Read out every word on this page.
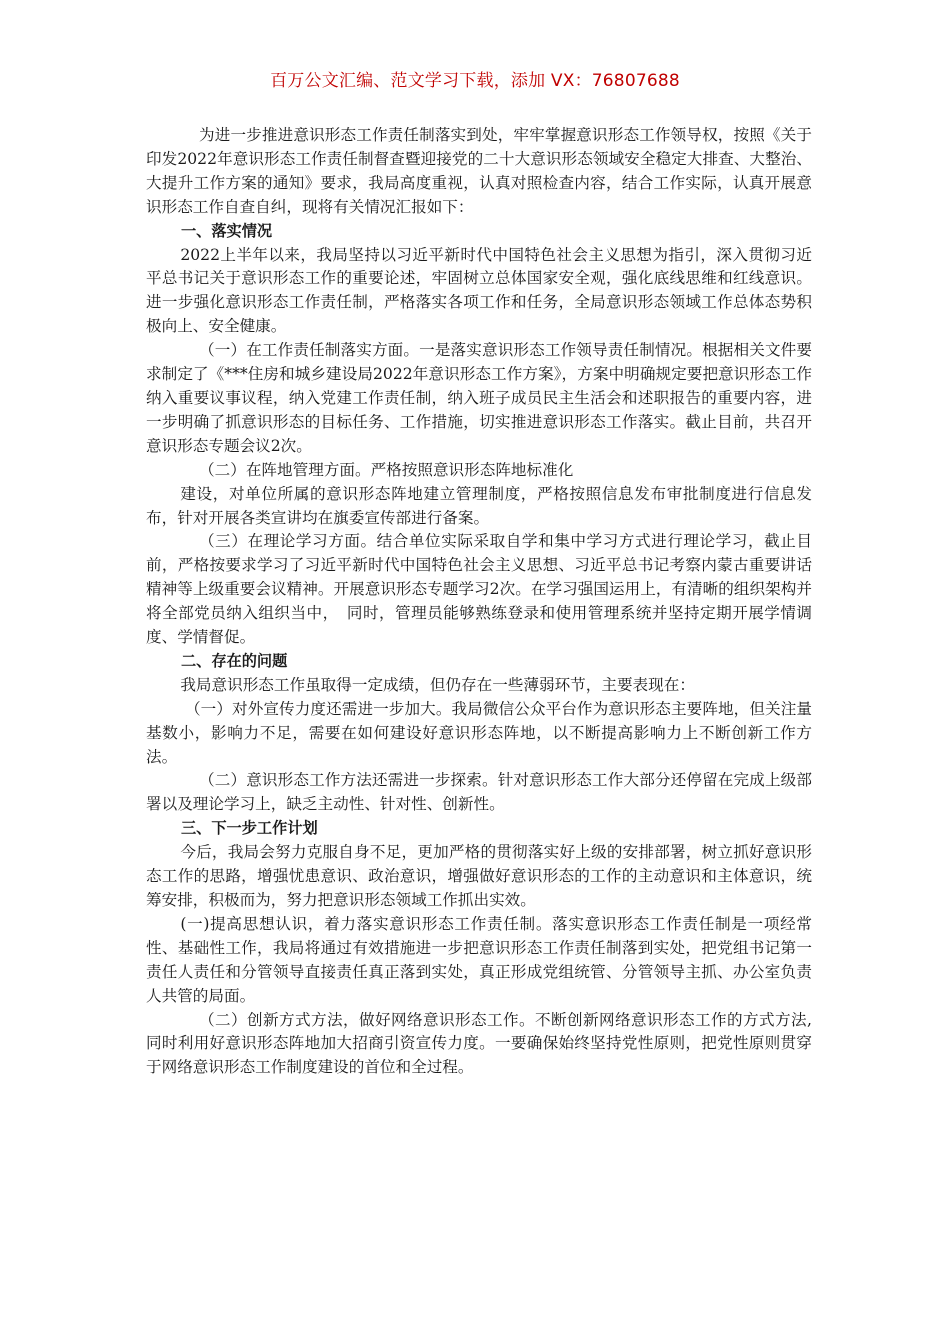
百万公文汇编、范文学习下载，添加 VX：76807688

为进一步推进意识形态工作责任制落实到处，牢牢掌握意识形态工作领导权，按照《关于印发2022年意识形态工作责任制督查暨迎接党的二十大意识形态领域安全稳定大排查、大整治、大提升工作方案的通知》要求，我局高度重视，认真对照检查内容，结合工作实际，认真开展意识形态工作自查自纠，现将有关情况汇报如下：

一、落实情况

2022上半年以来，我局坚持以习近平新时代中国特色社会主义思想为指引，深入贯彻习近平总书记关于意识形态工作的重要论述，牢固树立总体国家安全观，强化底线思维和红线意识。进一步强化意识形态工作责任制，严格落实各项工作和任务，全局意识形态领域工作总体态势积极向上、安全健康。

（一）在工作责任制落实方面。一是落实意识形态工作领导责任制情况。根据相关文件要求制定了《***住房和城乡建设局2022年意识形态工作方案》，方案中明确规定要把意识形态工作纳入重要议事议程，纳入党建工作责任制，纳入班子成员民主生活会和述职报告的重要内容，进一步明确了抓意识形态的目标任务、工作措施，切实推进意识形态工作落实。截止目前，共召开意识形态专题会议2次。

（二）在阵地管理方面。严格按照意识形态阵地标准化

建设，对单位所属的意识形态阵地建立管理制度，严格按照信息发布审批制度进行信息发布，针对开展各类宣讲均在旗委宣传部进行备案。

（三）在理论学习方面。结合单位实际采取自学和集中学习方式进行理论学习，截止目前，严格按要求学习了习近平新时代中国特色社会主义思想、习近平总书记考察内蒙古重要讲话精神等上级重要会议精神。开展意识形态专题学习2次。在学习强国运用上，有清晰的组织架构并将全部党员纳入组织当中，　同时，管理员能够熟练登录和使用管理系统并坚持定期开展学情调度、学情督促。

二、存在的问题

我局意识形态工作虽取得一定成绩，但仍存在一些薄弱环节，主要表现在：

（一）对外宣传力度还需进一步加大。我局微信公众平台作为意识形态主要阵地，但关注量基数小，影响力不足，需要在如何建设好意识形态阵地，以不断提高影响力上不断创新工作方法。

（二）意识形态工作方法还需进一步探索。针对意识形态工作大部分还停留在完成上级部署以及理论学习上，缺乏主动性、针对性、创新性。

三、下一步工作计划

今后，我局会努力克服自身不足，更加严格的贯彻落实好上级的安排部署，树立抓好意识形态工作的思路，增强忧患意识、政治意识，增强做好意识形态的工作的主动意识和主体意识，统筹安排，积极而为，努力把意识形态领域工作抓出实效。

(一)提高思想认识，着力落实意识形态工作责任制。落实意识形态工作责任制是一项经常性、基础性工作，我局将通过有效措施进一步把意识形态工作责任制落到实处，把党组书记第一责任人责任和分管领导直接责任真正落到实处，真正形成党组统管、分管领导主抓、办公室负责人共管的局面。

（二）创新方式方法，做好网络意识形态工作。不断创新网络意识形态工作的方式方法,同时利用好意识形态阵地加大招商引资宣传力度。一要确保始终坚持党性原则，把党性原则贯穿于网络意识形态工作制度建设的首位和全过程。
